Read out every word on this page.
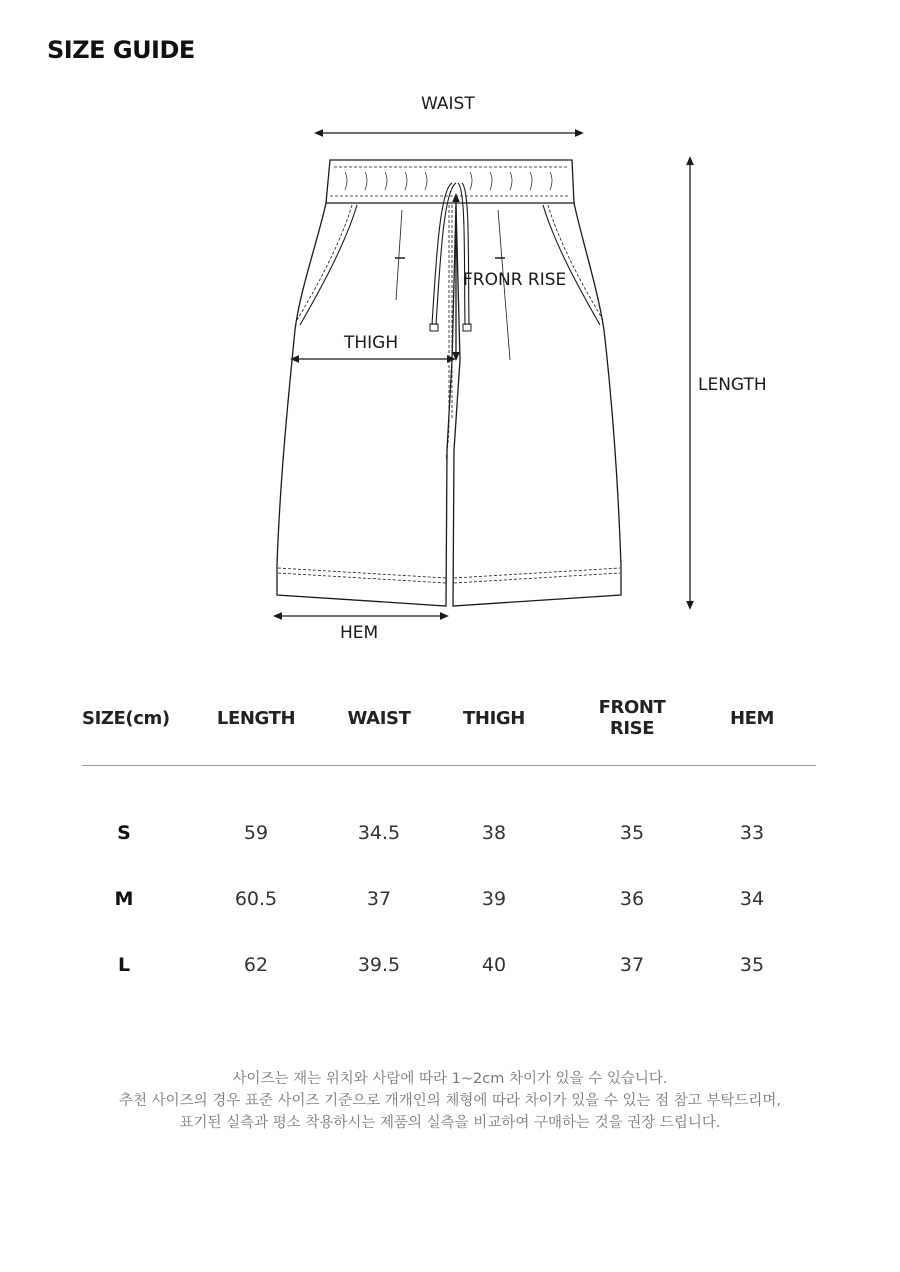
SIZE GUIDE
WAIST
FRONR RISE
THIGH
LENGTH
HEM
SIZE(cm)	LENGTH	WAIST	THIGH	FRONT RISE	HEM
S	59	34.5	38	35	33
M	60.5	37	39	36	34
L	62	39.5	40	37	35
사이즈는 재는 위치와 사람에 따라 1~2cm 차이가 있을 수 있습니다.
추천 사이즈의 경우 표준 사이즈 기준으로 개개인의 체형에 따라 차이가 있을 수 있는 점 참고 부탁드리며,
표기된 실측과 평소 착용하시는 제품의 실측을 비교하여 구매하는 것을 권장 드립니다.
